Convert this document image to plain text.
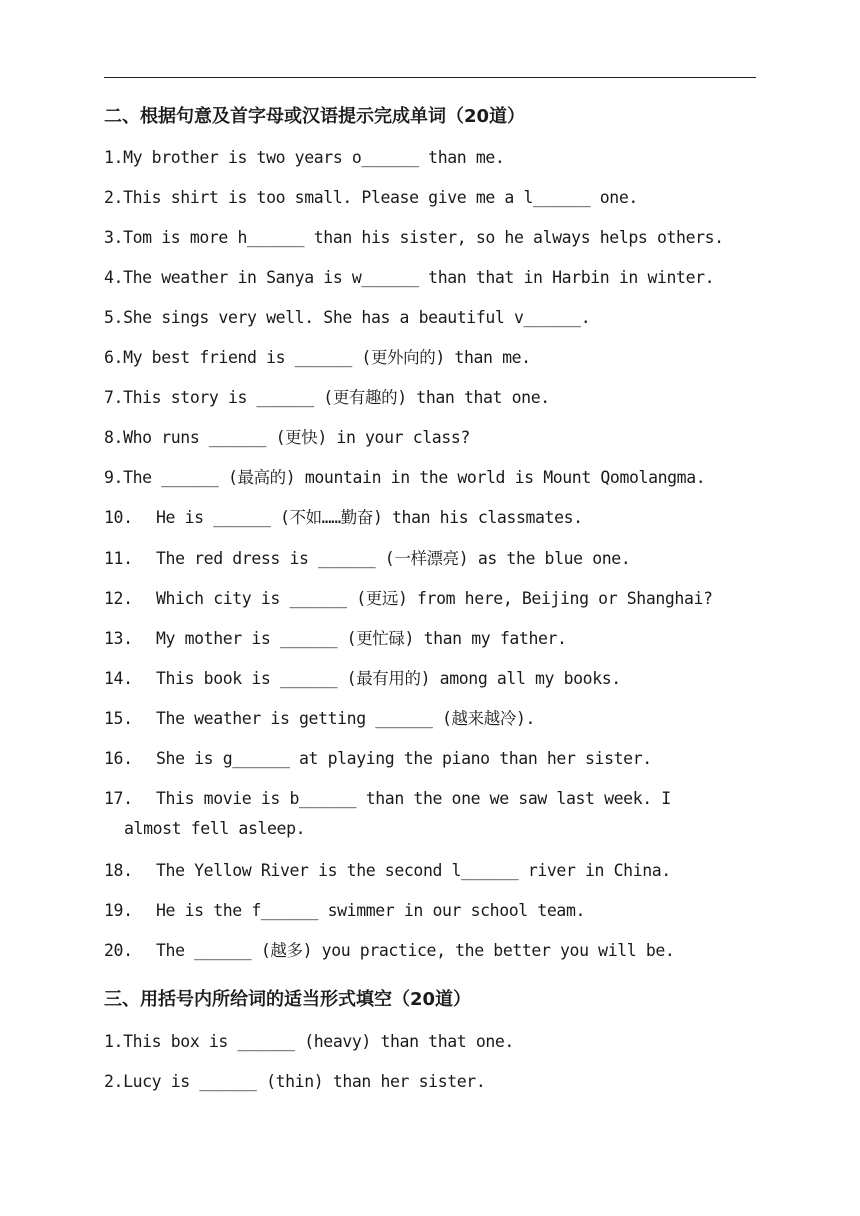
二、根据句意及首字母或汉语提示完成单词（20道）
1.My brother is two years o______ than me.
2.This shirt is too small. Please give me a l______ one.
3.Tom is more h______ than his sister, so he always helps others.
4.The weather in Sanya is w______ than that in Harbin in winter.
5.She sings very well. She has a beautiful v______.
6.My best friend is ______ (更外向的) than me.
7.This story is ______ (更有趣的) than that one.
8.Who runs ______ (更快) in your class?
9.The ______ (最高的) mountain in the world is Mount Qomolangma.
10. He is ______ (不如……勤奋) than his classmates.
11. The red dress is ______ (一样漂亮) as the blue one.
12. Which city is ______ (更远) from here, Beijing or Shanghai?
13. My mother is ______ (更忙碌) than my father.
14. This book is ______ (最有用的) among all my books.
15. The weather is getting ______ (越来越冷).
16. She is g______ at playing the piano than her sister.
17. This movie is b______ than the one we saw last week. I
almost fell asleep.
18. The Yellow River is the second l______ river in China.
19. He is the f______ swimmer in our school team.
20. The ______ (越多) you practice, the better you will be.
三、用括号内所给词的适当形式填空（20道）
1.This box is ______ (heavy) than that one.
2.Lucy is ______ (thin) than her sister.
